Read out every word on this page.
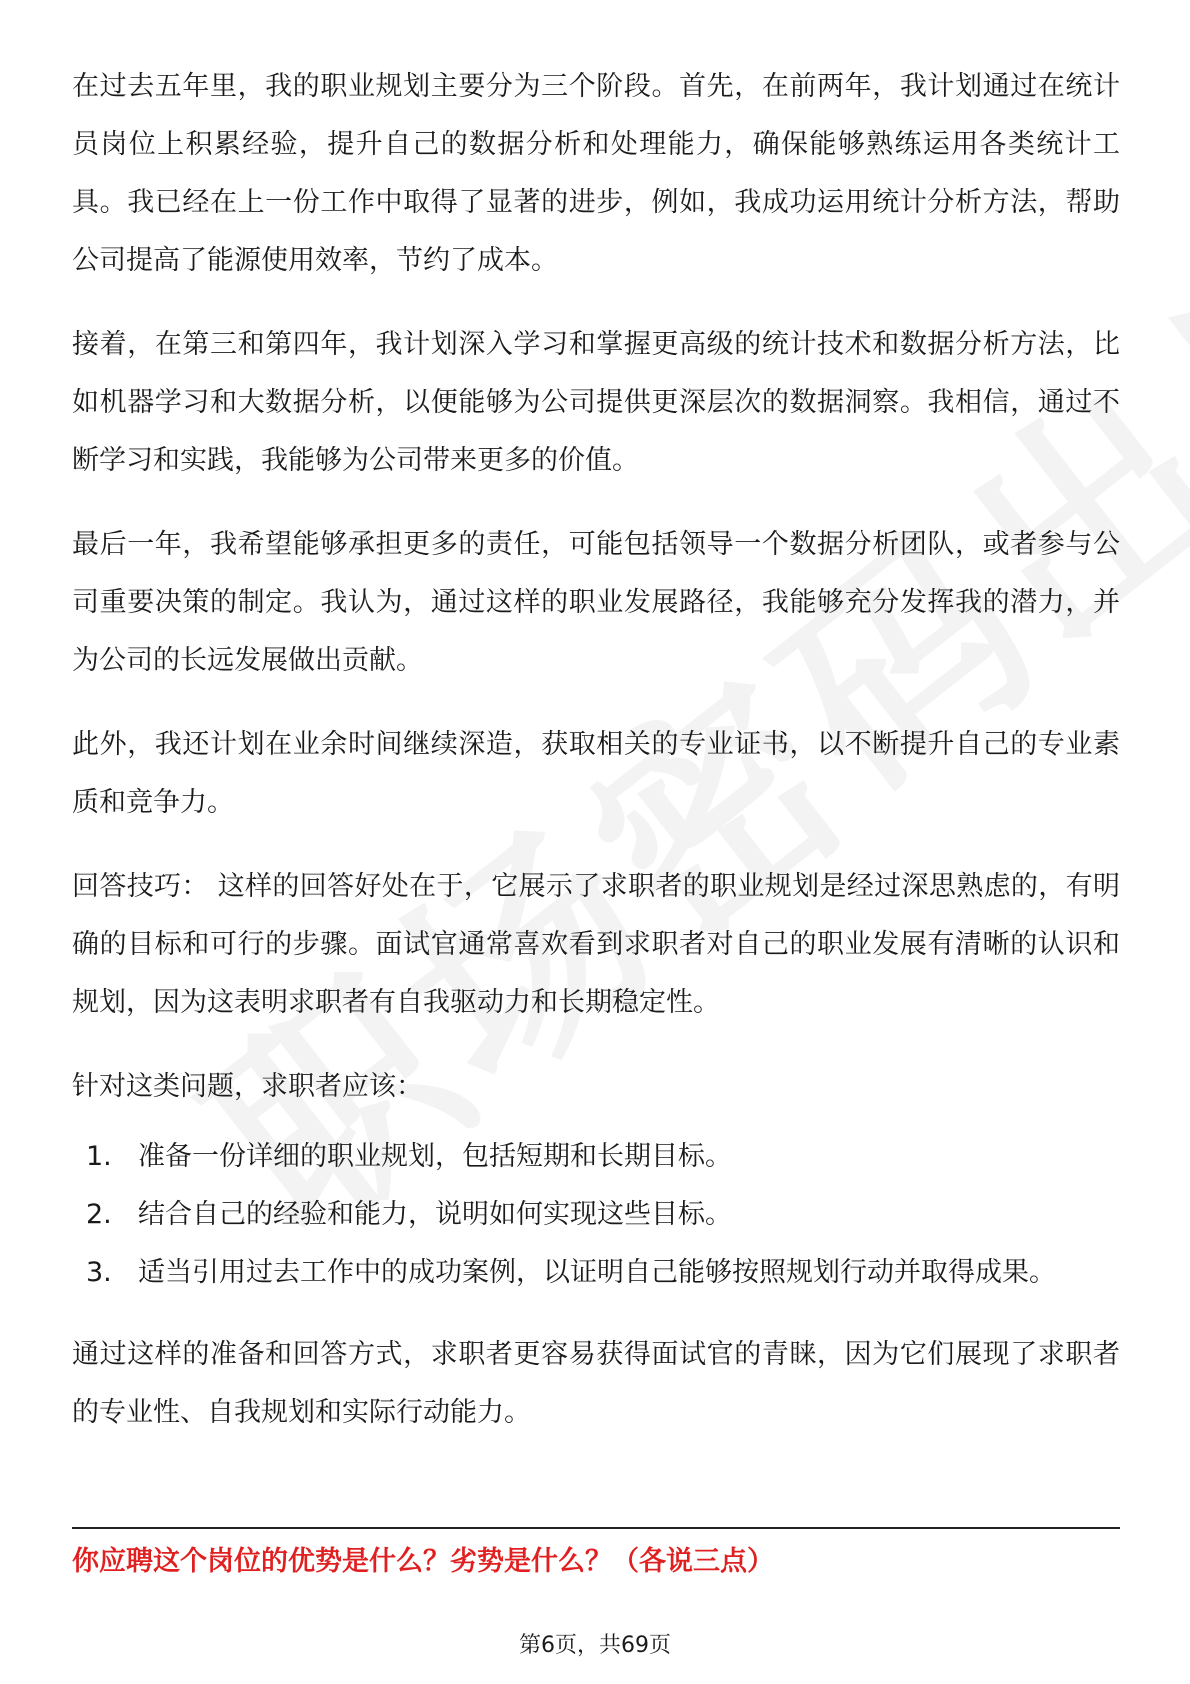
在过去五年里，我的职业规划主要分为三个阶段。首先，在前两年，我计划通过在统计员岗位上积累经验，提升自己的数据分析和处理能力，确保能够熟练运用各类统计工具。我已经在上一份工作中取得了显著的进步，例如，我成功运用统计分析方法，帮助公司提高了能源使用效率，节约了成本。

接着，在第三和第四年，我计划深入学习和掌握更高级的统计技术和数据分析方法，比如机器学习和大数据分析，以便能够为公司提供更深层次的数据洞察。我相信，通过不断学习和实践，我能够为公司带来更多的价值。

最后一年，我希望能够承担更多的责任，可能包括领导一个数据分析团队，或者参与公司重要决策的制定。我认为，通过这样的职业发展路径，我能够充分发挥我的潜力，并为公司的长远发展做出贡献。

此外，我还计划在业余时间继续深造，获取相关的专业证书，以不断提升自己的专业素质和竞争力。

回答技巧： 这样的回答好处在于，它展示了求职者的职业规划是经过深思熟虑的，有明确的目标和可行的步骤。面试官通常喜欢看到求职者对自己的职业发展有清晰的认识和规划，因为这表明求职者有自我驱动力和长期稳定性。

针对这类问题，求职者应该：

1. 准备一份详细的职业规划，包括短期和长期目标。
2. 结合自己的经验和能力，说明如何实现这些目标。
3. 适当引用过去工作中的成功案例，以证明自己能够按照规划行动并取得成果。

通过这样的准备和回答方式，求职者更容易获得面试官的青睐，因为它们展现了求职者的专业性、自我规划和实际行动能力。

你应聘这个岗位的优势是什么？劣势是什么？（各说三点）
第6页，共69页
